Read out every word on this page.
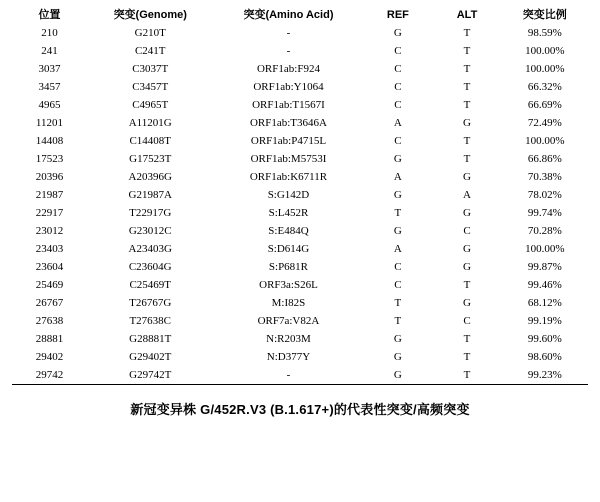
位置	突变(Genome)	突变(Amino Acid)	REF	ALT	突变比例
210	G210T	-	G	T	98.59%
241	C241T	-	C	T	100.00%
3037	C3037T	ORF1ab:F924	C	T	100.00%
3457	C3457T	ORF1ab:Y1064	C	T	66.32%
4965	C4965T	ORF1ab:T1567I	C	T	66.69%
11201	A11201G	ORF1ab:T3646A	A	G	72.49%
14408	C14408T	ORF1ab:P4715L	C	T	100.00%
17523	G17523T	ORF1ab:M5753I	G	T	66.86%
20396	A20396G	ORF1ab:K6711R	A	G	70.38%
21987	G21987A	S:G142D	G	A	78.02%
22917	T22917G	S:L452R	T	G	99.74%
23012	G23012C	S:E484Q	G	C	70.28%
23403	A23403G	S:D614G	A	G	100.00%
23604	C23604G	S:P681R	C	G	99.87%
25469	C25469T	ORF3a:S26L	C	T	99.46%
26767	T26767G	M:I82S	T	G	68.12%
27638	T27638C	ORF7a:V82A	T	C	99.19%
28881	G28881T	N:R203M	G	T	99.60%
29402	G29402T	N:D377Y	G	T	98.60%
29742	G29742T	-	G	T	99.23%
新冠变异株 G/452R.V3 (B.1.617+)的代表性突变/高频突变
